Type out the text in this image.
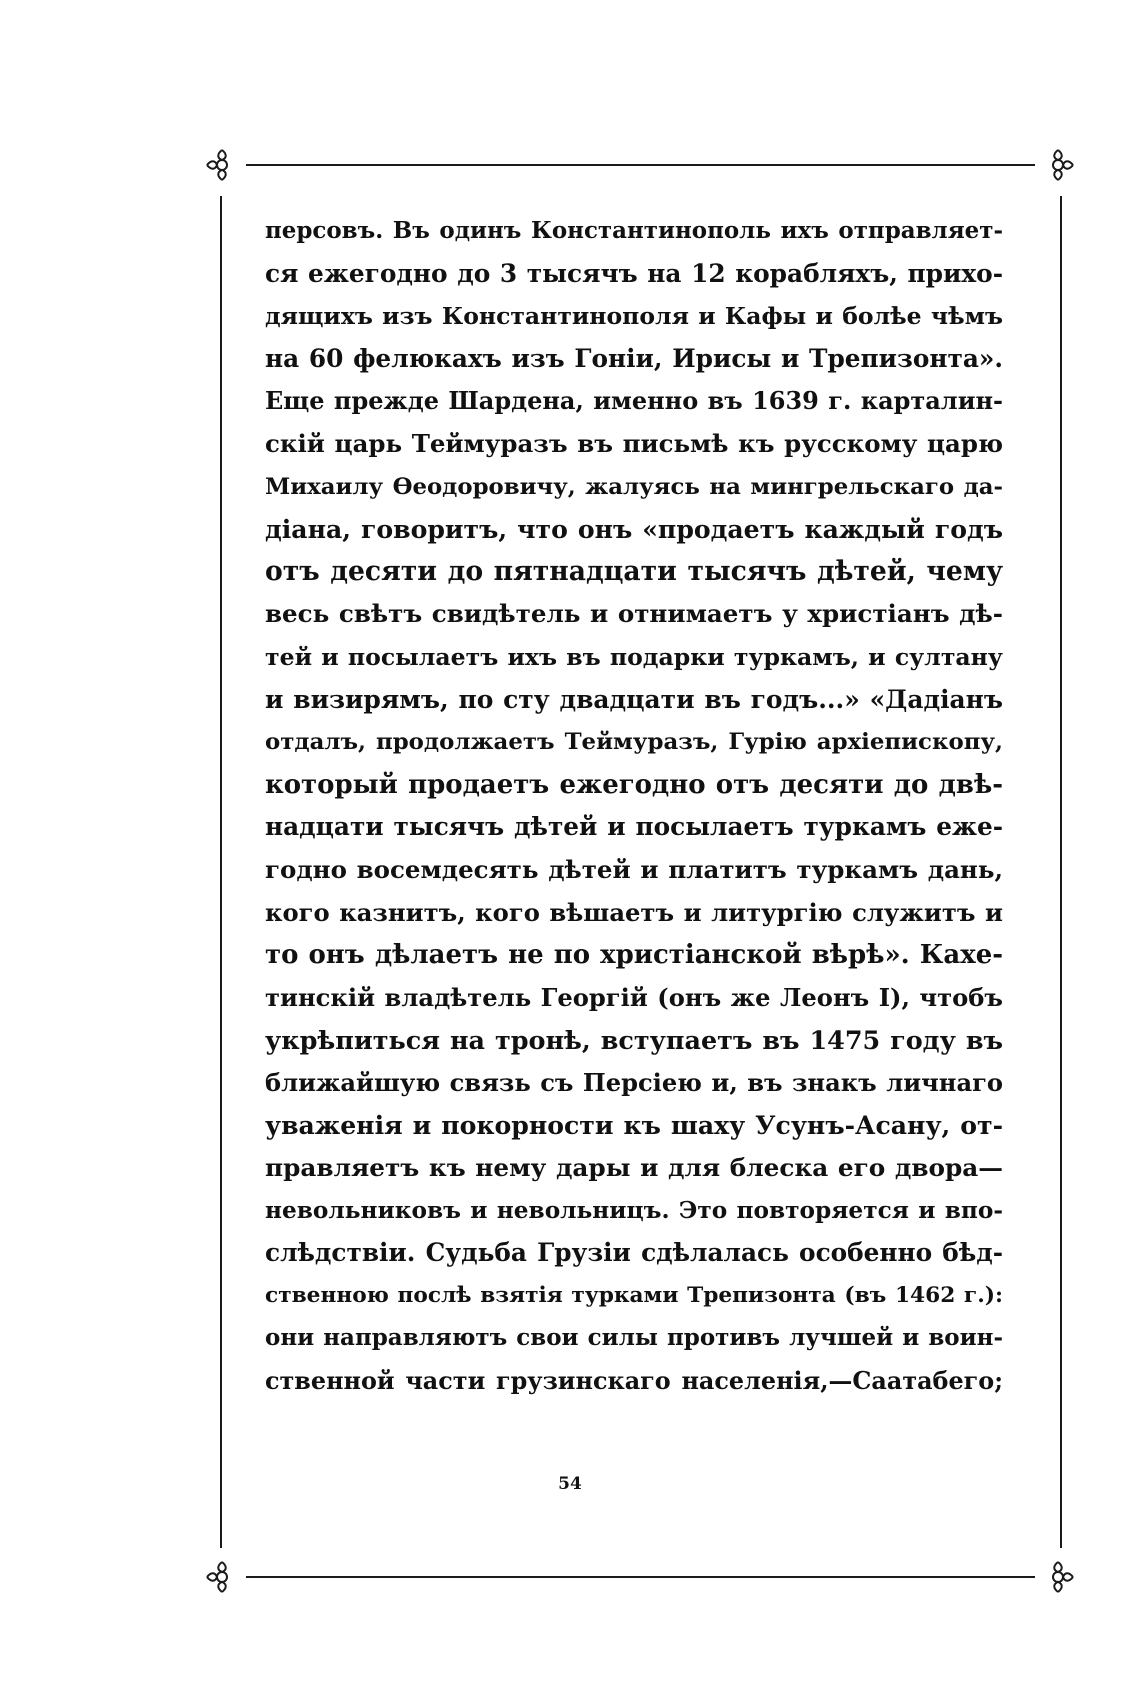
персовъ. Въ одинъ Константинополь ихъ отправляет-
ся ежегодно до 3 тысячъ на 12 корабляхъ, прихо-
дящихъ изъ Константинополя и Кафы и болѣе чѣмъ
на 60 фелюкахъ изъ Гоніи, Ирисы и Трепизонта».
Еще прежде Шардена, именно въ 1639 г. карталин-
скій царь Теймуразъ въ письмѣ къ русскому царю
Михаилу Ѳеодоровичу, жалуясь на мингрельскаго да-
діана, говоритъ, что онъ «продаетъ каждый годъ
отъ десяти до пятнадцати тысячъ дѣтей, чему
весь свѣтъ свидѣтель и отнимаетъ у христіанъ дѣ-
тей и посылаетъ ихъ въ подарки туркамъ, и султану
и визирямъ, по сту двадцати въ годъ...» «Дадіанъ
отдалъ, продолжаетъ Теймуразъ, Гурію архіепископу,
который продаетъ ежегодно отъ десяти до двѣ-
надцати тысячъ дѣтей и посылаетъ туркамъ еже-
годно восемдесять дѣтей и платитъ туркамъ дань,
кого казнитъ, кого вѣшаетъ и литургію служитъ и
то онъ дѣлаетъ не по христіанской вѣрѣ». Кахе-
тинскій владѣтель Георгій (онъ же Леонъ I), чтобъ
укрѣпиться на тронѣ, вступаетъ въ 1475 году въ
ближайшую связь съ Персіею и, въ знакъ личнаго
уваженія и покорности къ шаху Усунъ-Асану, от-
правляетъ къ нему дары и для блеска его двора—
невольниковъ и невольницъ. Это повторяется и впо-
слѣдствіи. Судьба Грузіи сдѣлалась особенно бѣд-
ственною послѣ взятія турками Трепизонта (въ 1462 г.):
они направляютъ свои силы противъ лучшей и воин-
ственной части грузинскаго населенія,—Саатабего;
54
